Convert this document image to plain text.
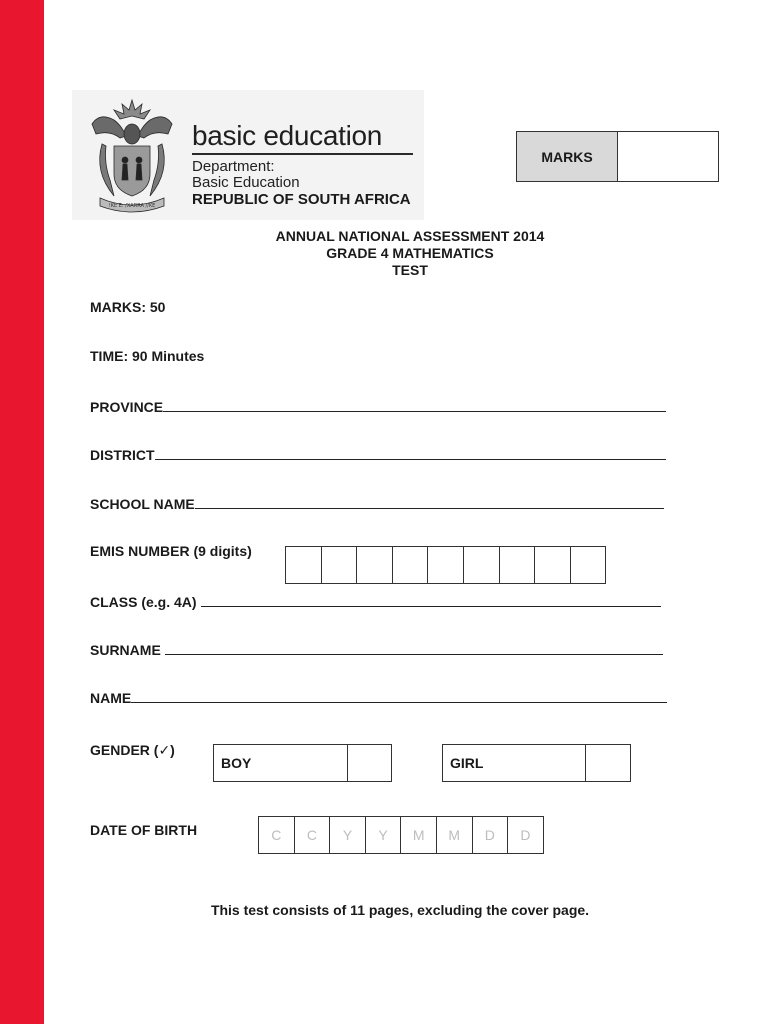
!KE E: /XARRA //KE
basic education
Department:
Basic Education
REPUBLIC OF SOUTH AFRICA
MARKS
ANNUAL NATIONAL ASSESSMENT 2014
GRADE 4 MATHEMATICS
TEST
MARKS: 50
TIME: 90 Minutes
PROVINCE
DISTRICT
SCHOOL NAME
EMIS NUMBER (9 digits)
CLASS (e.g. 4A)
SURNAME
NAME
GENDER (✓)
BOY	GIRL
DATE OF BIRTH	C	C	Y	Y	M	M	D	D
This test consists of 11 pages, excluding the cover page.
